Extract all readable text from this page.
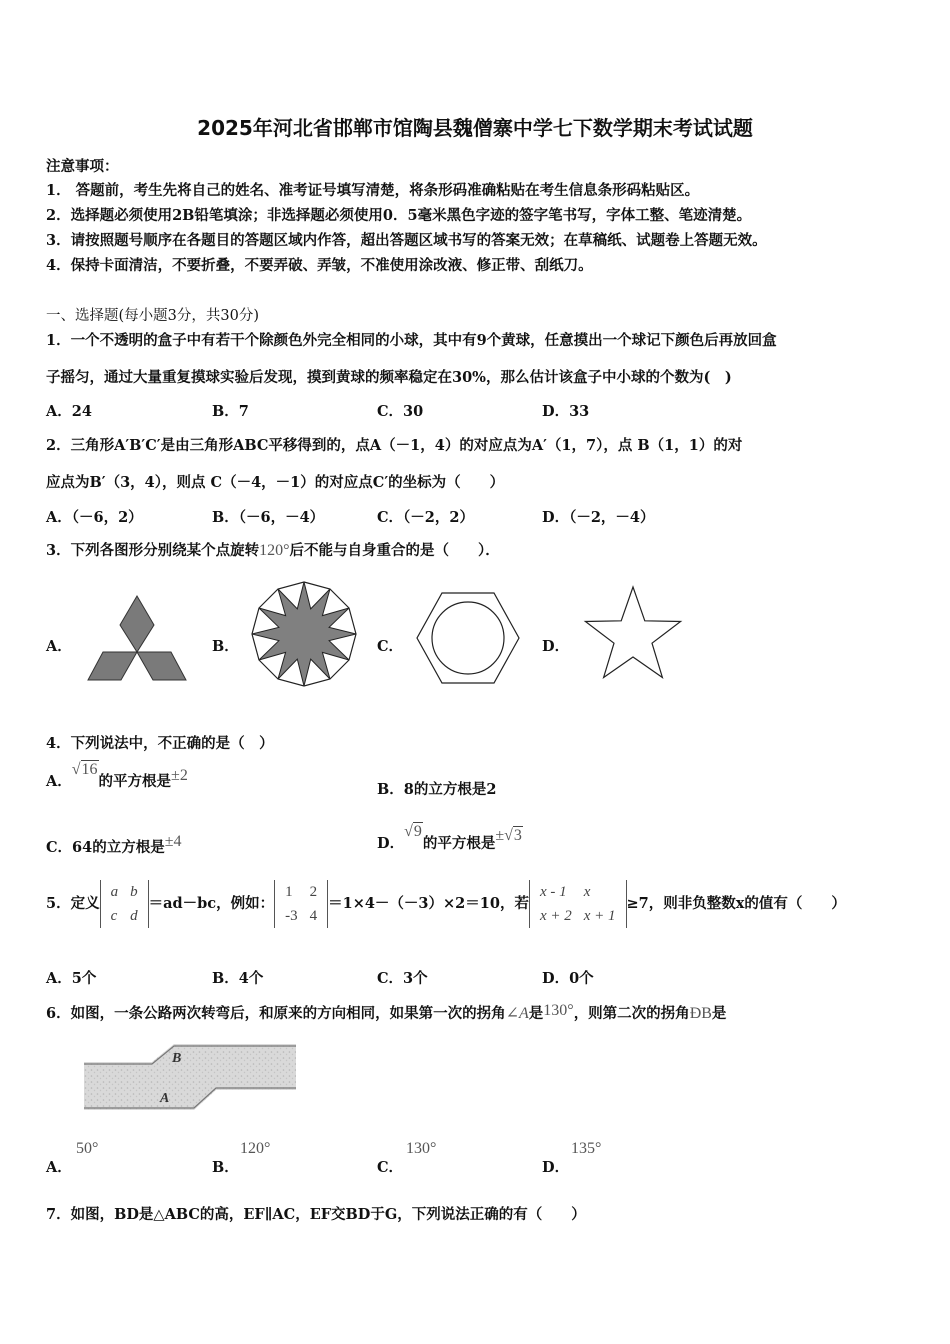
2025年河北省邯郸市馆陶县魏僧寨中学七下数学期末考试试题
注意事项：
1． 答题前，考生先将自己的姓名、准考证号填写清楚，将条形码准确粘贴在考生信息条形码粘贴区。
2．选择题必须使用2B铅笔填涂；非选择题必须使用0．5毫米黑色字迹的签字笔书写，字体工整、笔迹清楚。
3．请按照题号顺序在各题目的答题区域内作答，超出答题区域书写的答案无效；在草稿纸、试题卷上答题无效。
4．保持卡面清洁，不要折叠，不要弄破、弄皱，不准使用涂改液、修正带、刮纸刀。
一、选择题(每小题3分，共30分)
1．一个不透明的盒子中有若干个除颜色外完全相同的小球，其中有9个黄球，任意摸出一个球记下颜色后再放回盒
子摇匀，通过大量重复摸球实验后发现，摸到黄球的频率稳定在30%，那么估计该盒子中小球的个数为(　)
A．24	B．7	C．30	D．33
2．三角形A′B′C′是由三角形ABC平移得到的，点A（－1，4）的对应点为A′（1，7），点 B（1，1）的对
应点为B′（3，4），则点 C（－4，－1）的对应点C′的坐标为（　　）
A．（－6，2）	B．（－6，－4）	C．（－2，2）	D．（－2，－4）
3．下列各图形分别绕某个点旋转120°后不能与自身重合的是（　　）．
A．	B．	C．	D．
4．下列说法中，不正确的是（　）
A．√16的平方根是±2
B．8的立方根是2
C．64的立方根是±4	D．√9的平方根是±√3
5．定义
a	b
c	d
＝ad－bc，例如：
1	2
-3	4
＝1×4－（－3）×2＝10，若
x - 1	x
x + 2	x + 1
≥7，则非负整数x的值有（　　）
A．5个	B．4个	C．3个	D．0个
6．如图，一条公路两次转弯后，和原来的方向相同，如果第一次的拐角∠A是130°，则第二次的拐角ÐB是
B
A
A．
50°
B．
120°
C．
130°
D．
135°
7．如图，BD是△ABC的高，EF∥AC，EF交BD于G，下列说法正确的有（　　）
